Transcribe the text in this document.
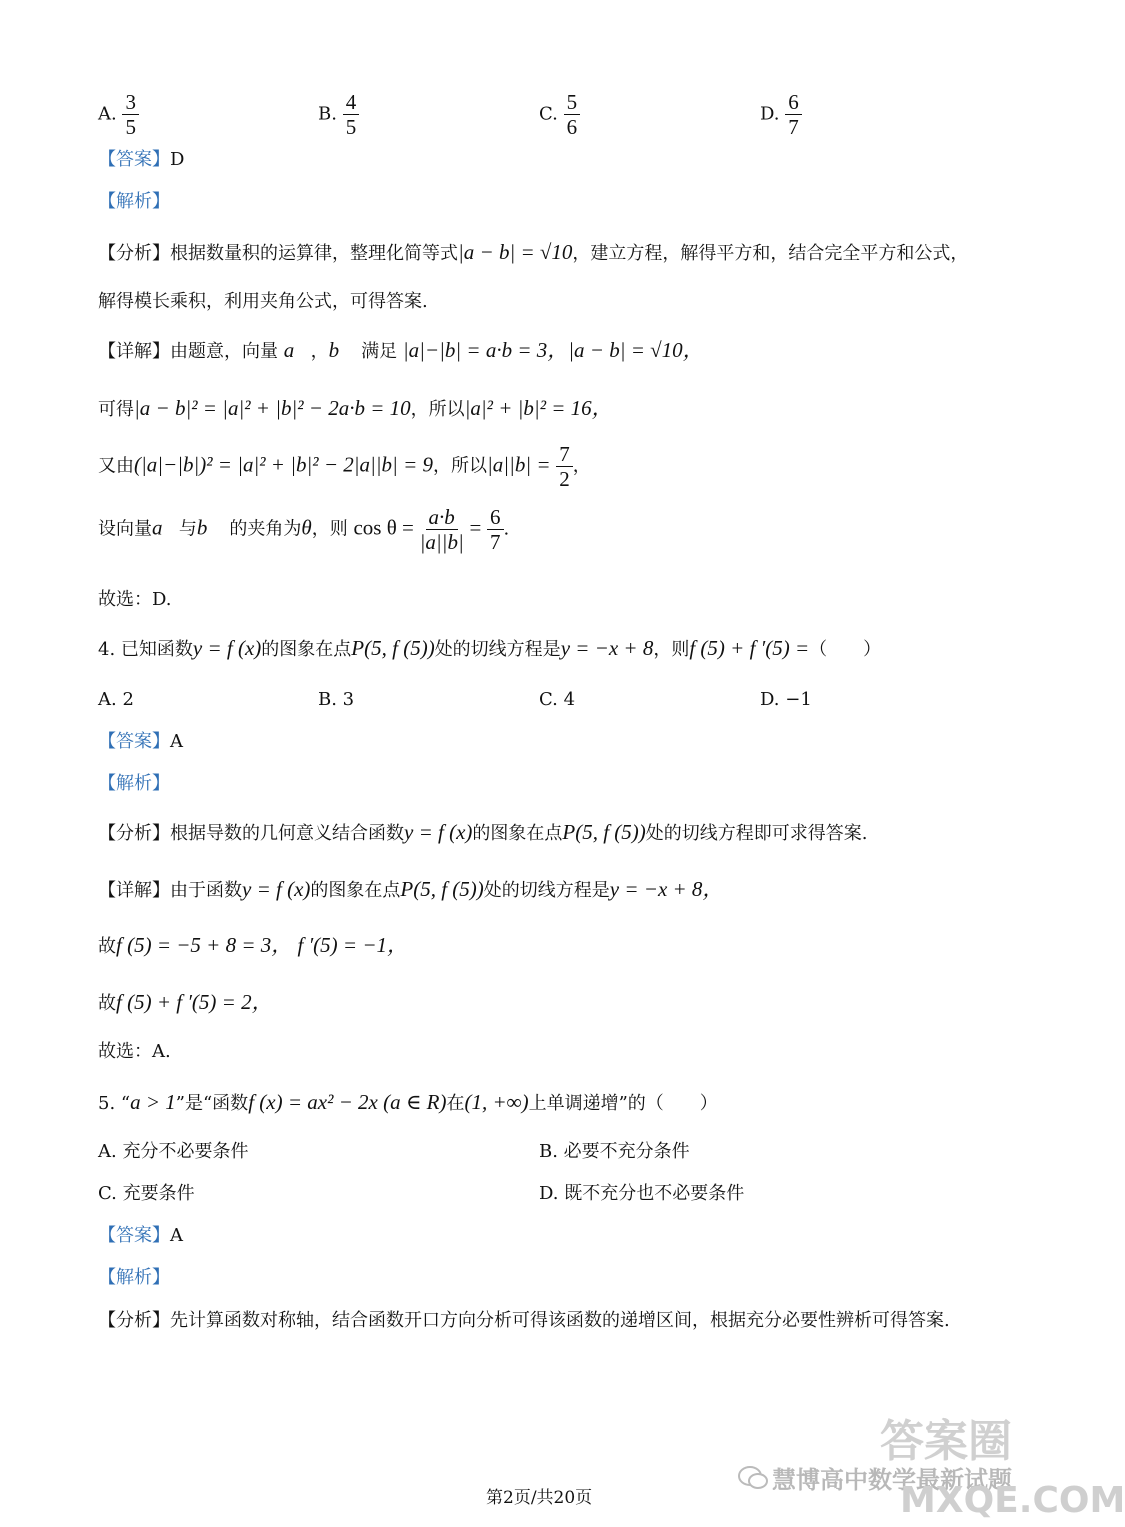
A. $\frac{3}{5}$	B. $\frac{4}{5}$	C. $\frac{5}{6}$	D. $\frac{6}{7}$
【答案】D
【解析】
【分析】根据数量积的运算律，整理化简等式|a − b| = √10，建立方程，解得平方和，结合完全平方和公式，
解得模长乘积，利用夹角公式，可得答案.
【详解】由题意，向量 a⃗，b⃗ 满足 |a|−|b| = a·b = 3，|a − b| = √10，
可得|a − b|² = |a|² + |b|² − 2a·b = 10，所以|a|² + |b|² = 16，
又由(|a|−|b|)² = |a|² + |b|² − 2|a||b| = 9，所以$|a||b| = \frac{7}{2}$ ，
设向量a⃗与b⃗ 的夹角为θ，则 $\cos \theta = \frac{a\cdot b}{|a||b|} = \frac{6}{7}$ .
故选：D.
4. 已知函数y = f (x)的图象在点P(5, f (5))处的切线方程是y = −x + 8，则f (5) + f ′(5) =（　　）
A. 2	B. 3	C. 4	D. −1
【答案】A
【解析】
【分析】根据导数的几何意义结合函数y = f (x)的图象在点P(5, f (5))处的切线方程即可求得答案.
【详解】由于函数y = f (x)的图象在点P(5, f (5))处的切线方程是y = −x + 8，
故f (5) = −5 + 8 = 3， f ′(5) = −1，
故f (5) + f ′(5) = 2，
故选：A.
5. “a > 1”是“函数f (x) = ax² − 2x (a ∈ R)在(1, +∞)上单调递增”的（　　）
A. 充分不必要条件	B. 必要不充分条件
C. 充要条件	D. 既不充分也不必要条件
【答案】A
【解析】
【分析】先计算函数对称轴，结合函数开口方向分析可得该函数的递增区间，根据充分必要性辨析可得答案.
慧博高中数学最新试题
答案圈
MXQE.COM
第2页/共20页
